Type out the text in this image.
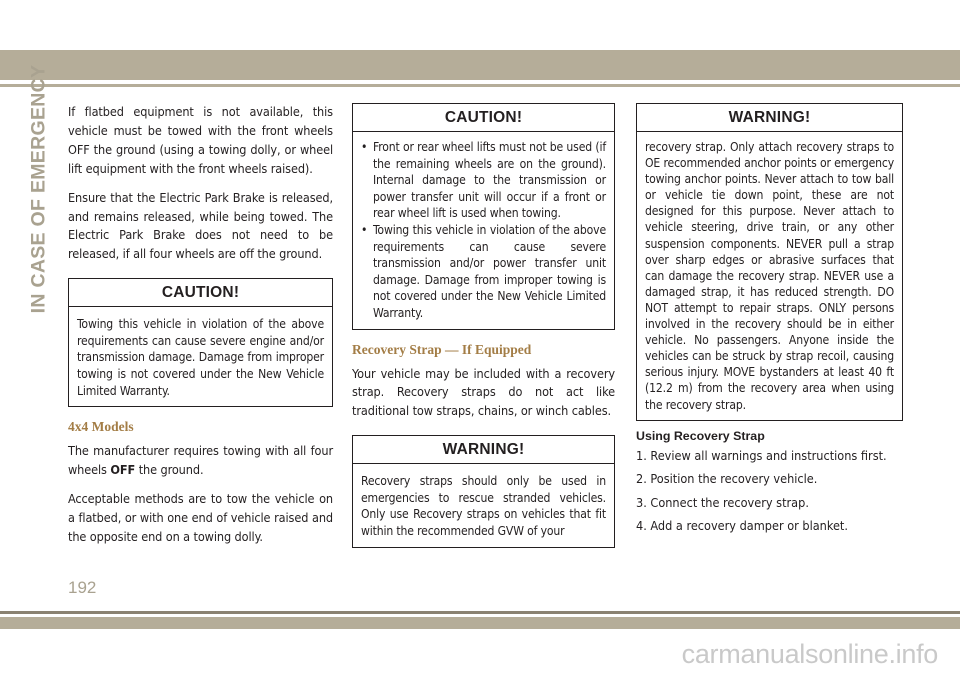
IN CASE OF EMERGENCY If flatbed equipment is not available, this vehicle must be towed with the front wheels OFF the ground (using a towing dolly, or wheel lift equipment with the front wheels raised).

Ensure that the Electric Park Brake is released, and remains released, while being towed. The Electric Park Brake does not need to be released, if all four wheels are off the ground.

CAUTION!
Towing this vehicle in violation of the above requirements can cause severe engine and/or transmission damage. Damage from improper towing is not covered under the New Vehicle Limited Warranty.
4x4 Models

The manufacturer requires towing with all four wheels OFF the ground.

Acceptable methods are to tow the vehicle on a flatbed, or with one end of vehicle raised and the opposite end on a towing dolly.

CAUTION!
• Front or rear wheel lifts must not be used (if the remaining wheels are on the ground). Internal damage to the transmission or power transfer unit will occur if a front or rear wheel lift is used when towing.
• Towing this vehicle in violation of the above requirements can cause severe transmission and/or power transfer unit damage. Damage from improper towing is not covered under the New Vehicle Limited Warranty.
Recovery Strap — If Equipped

Your vehicle may be included with a recovery strap. Recovery straps do not act like traditional tow straps, chains, or winch cables.

WARNING!
Recovery straps should only be used in emergencies to rescue stranded vehicles. Only use Recovery straps on vehicles that fit within the recommended GVW of your
WARNING!
recovery strap. Only attach recovery straps to OE recommended anchor points or emergency towing anchor points. Never attach to tow ball or vehicle tie down point, these are not designed for this purpose. Never attach to vehicle steering, drive train, or any other suspension components. NEVER pull a strap over sharp edges or abrasive surfaces that can damage the recovery strap. NEVER use a damaged strap, it has reduced strength. DO NOT attempt to repair straps. ONLY persons involved in the recovery should be in either vehicle. No passengers. Anyone inside the vehicles can be struck by strap recoil, causing serious injury. MOVE bystanders at least 40 ft (12.2 m) from the recovery area when using the recovery strap.
Using Recovery Strap
1. Review all warnings and instructions first.
2. Position the recovery vehicle.
3. Connect the recovery strap.
4. Add a recovery damper or blanket.
192
carmanualsonline.info
